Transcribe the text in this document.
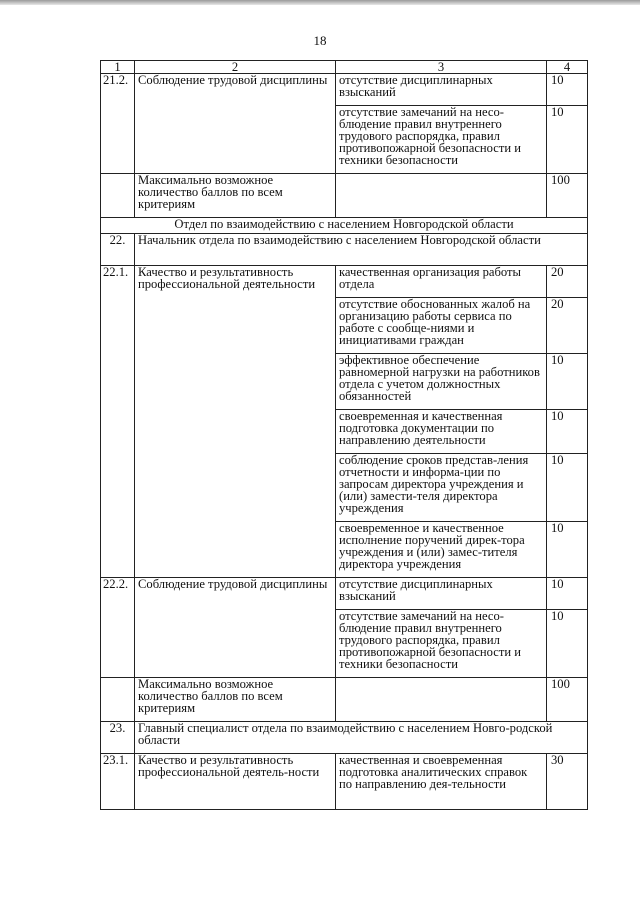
18
1	2	3	4
21.2.	Соблюдение трудовой дисциплины	отсутствие дисциплинарных взысканий	10
		отсутствие замечаний на несо-блюдение правил внутреннего трудового распорядка, правил противопожарной безопасности и техники безопасности	10
	Максимально возможное количество баллов по всем критериям		100
Отдел по взаимодействию с населением Новгородской области			
22.	Начальник отдела по взаимодействию с населением Новгородской области		
22.1.	Качество и результативность профессиональной деятельности	качественная организация работы отдела	20
		отсутствие обоснованных жалоб на организацию работы сервиса по работе с сообще-ниями и инициативами граждан	20
		эффективное обеспечение равномерной нагрузки на работников отдела с учетом должностных обязанностей	10
		своевременная и качественная подготовка документации по направлению деятельности	10
		соблюдение сроков представ-ления отчетности и информа-ции по запросам директора учреждения и (или) замести-теля директора учреждения	10
		своевременное и качественное исполнение поручений дирек-тора учреждения и (или) замес-тителя директора учреждения	10
22.2.	Соблюдение трудовой дисциплины	отсутствие дисциплинарных взысканий	10
		отсутствие замечаний на несо-блюдение правил внутреннего трудового распорядка, правил противопожарной безопасности и техники безопасности	10
	Максимально возможное количество баллов по всем критериям		100
23.	Главный специалист отдела по взаимодействию с населением Новго-родской области		
23.1.	Качество и результативность профессиональной деятель-ности	качественная и своевременная подготовка аналитических справок по направлению дея-тельности	30
